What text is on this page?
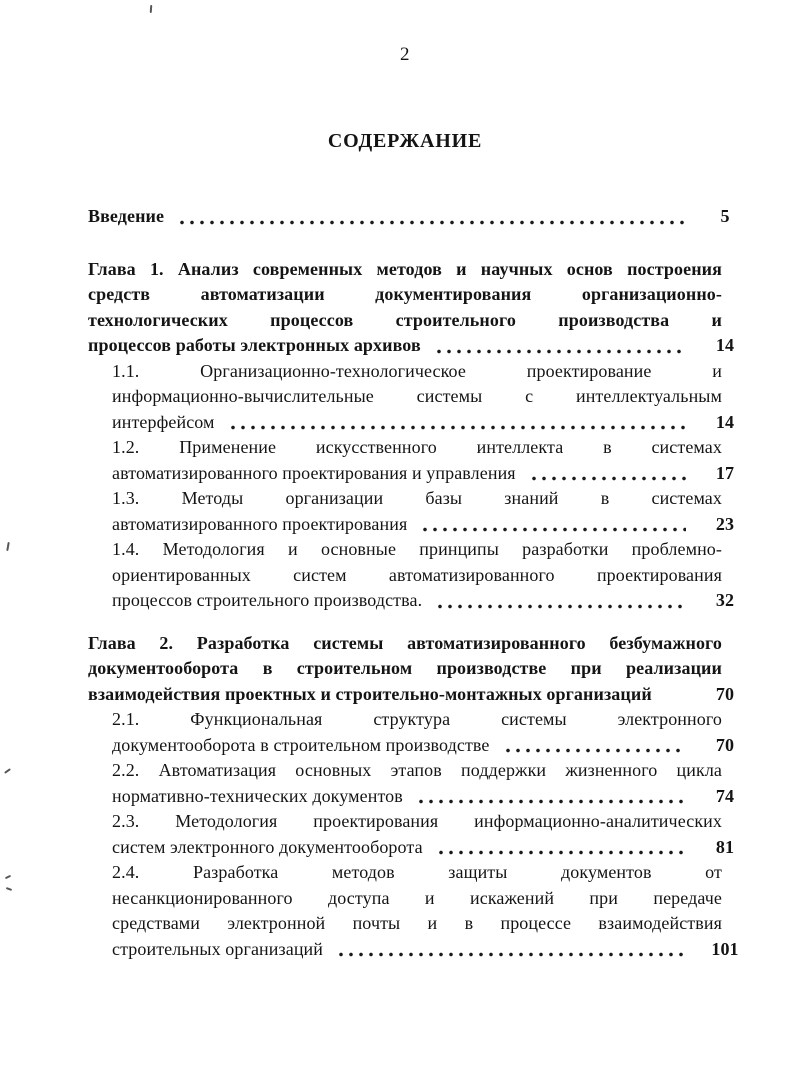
2
СОДЕРЖАНИЕ
Введение	5
Глава 1. Анализ современных методов и научных основ построения
средств автоматизации документирования организационно-
технологических процессов строительного производства и
процессов работы электронных архивов	14
1.1. Организационно-технологическое проектирование и
информационно-вычислительные системы с интеллектуальным
интерфейсом	14
1.2. Применение искусственного интеллекта в системах
автоматизированного проектирования и управления	17
1.3. Методы организации базы знаний в системах
автоматизированного проектирования	23
1.4. Методология и основные принципы разработки проблемно-
ориентированных систем автоматизированного проектирования
процессов строительного производства.	32
Глава 2. Разработка системы автоматизированного безбумажного
документооборота в строительном производстве при реализации
взаимодействия проектных и строительно-монтажных организаций	70
2.1. Функциональная структура системы электронного
документооборота в строительном производстве	70
2.2. Автоматизация основных этапов поддержки жизненного цикла
нормативно-технических документов	74
2.3. Методология проектирования информационно-аналитических
систем электронного документооборота	81
2.4. Разработка методов защиты документов от
несанкционированного доступа и искажений при передаче
средствами электронной почты и в процессе взаимодействия
строительных организаций	101
